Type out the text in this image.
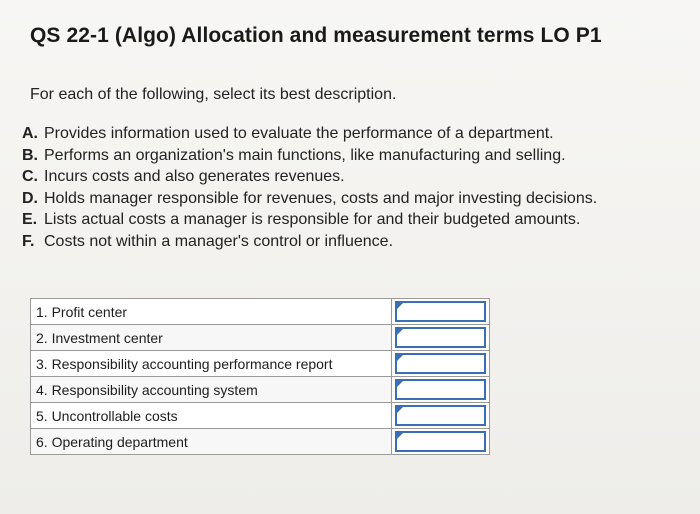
QS 22-1 (Algo) Allocation and measurement terms LO P1
For each of the following, select its best description.
A. Provides information used to evaluate the performance of a department.
B. Performs an organization's main functions, like manufacturing and selling.
C. Incurs costs and also generates revenues.
D. Holds manager responsible for revenues, costs and major investing decisions.
E. Lists actual costs a manager is responsible for and their budgeted amounts.
F. Costs not within a manager's control or influence.
1. Profit center	

2. Investment center	

3. Responsibility accounting performance report	

4. Responsibility accounting system	

5. Uncontrollable costs	

6. Operating department	
